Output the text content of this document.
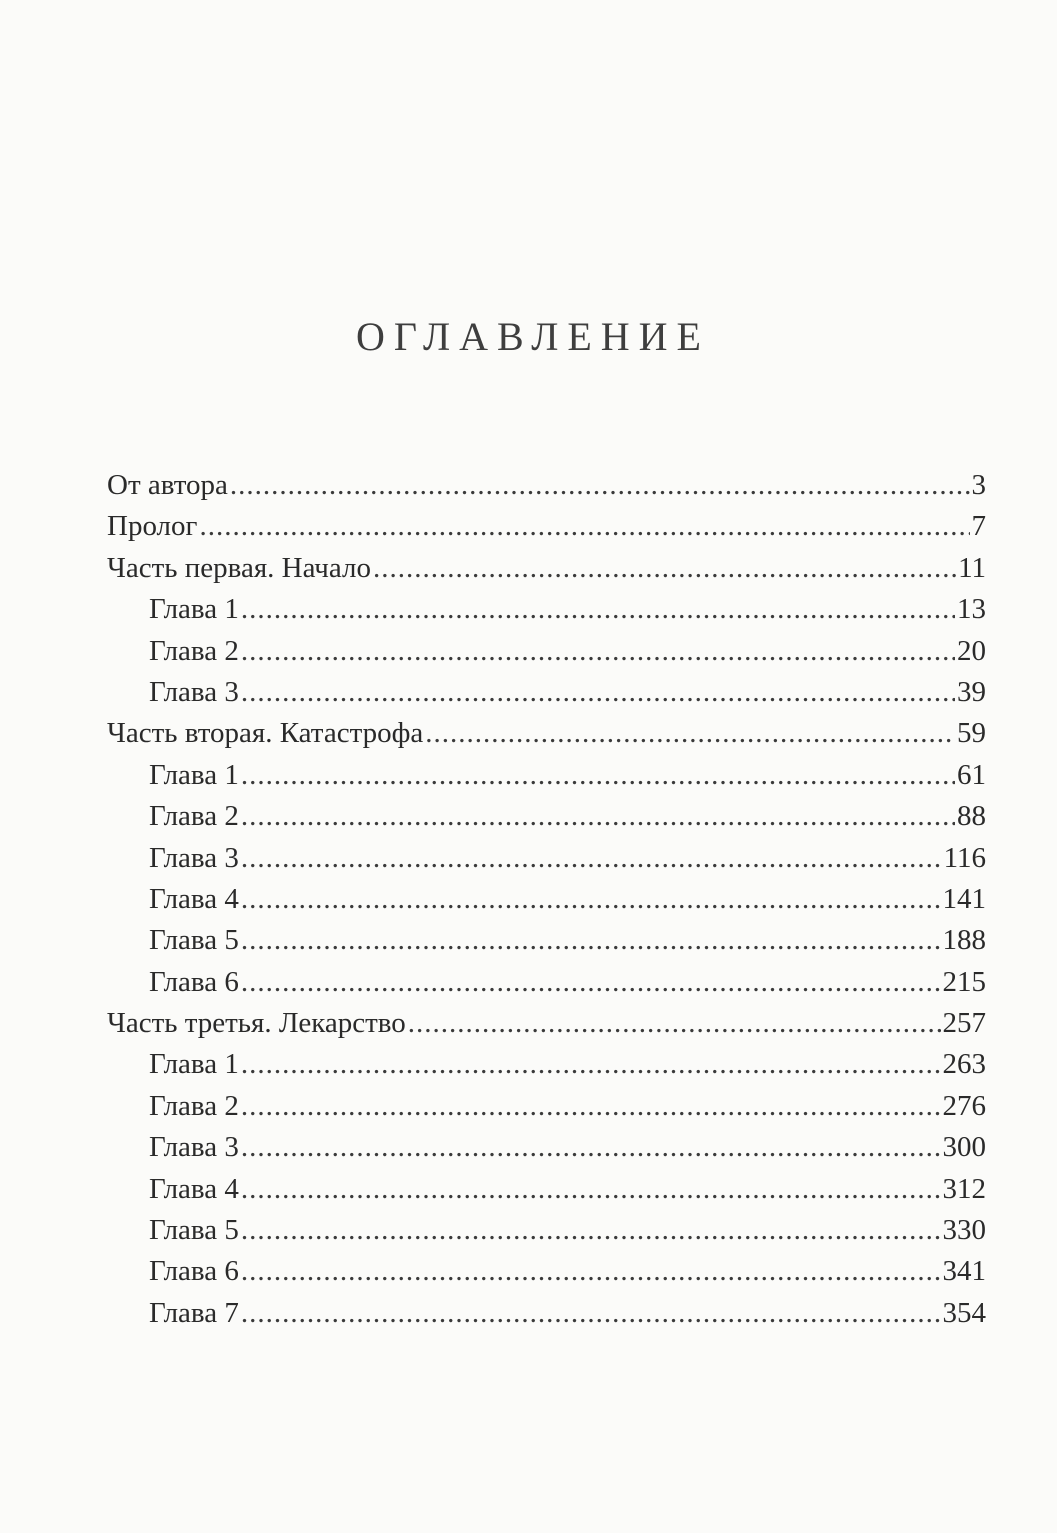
ОГЛАВЛЕНИЕ
От автора .....	3
Пролог .....	7
Часть первая. Начало .....	11
Глава 1 .....	13
Глава 2 .....	20
Глава 3 .....	39
Часть вторая. Катастрофа .....	59
Глава 1 .....	61
Глава 2 .....	88
Глава 3 .....	116
Глава 4 .....	141
Глава 5 .....	188
Глава 6 .....	215
Часть третья. Лекарство .....	257
Глава 1 .....	263
Глава 2 .....	276
Глава 3 .....	300
Глава 4 .....	312
Глава 5 .....	330
Глава 6 .....	341
Глава 7 .....	354
